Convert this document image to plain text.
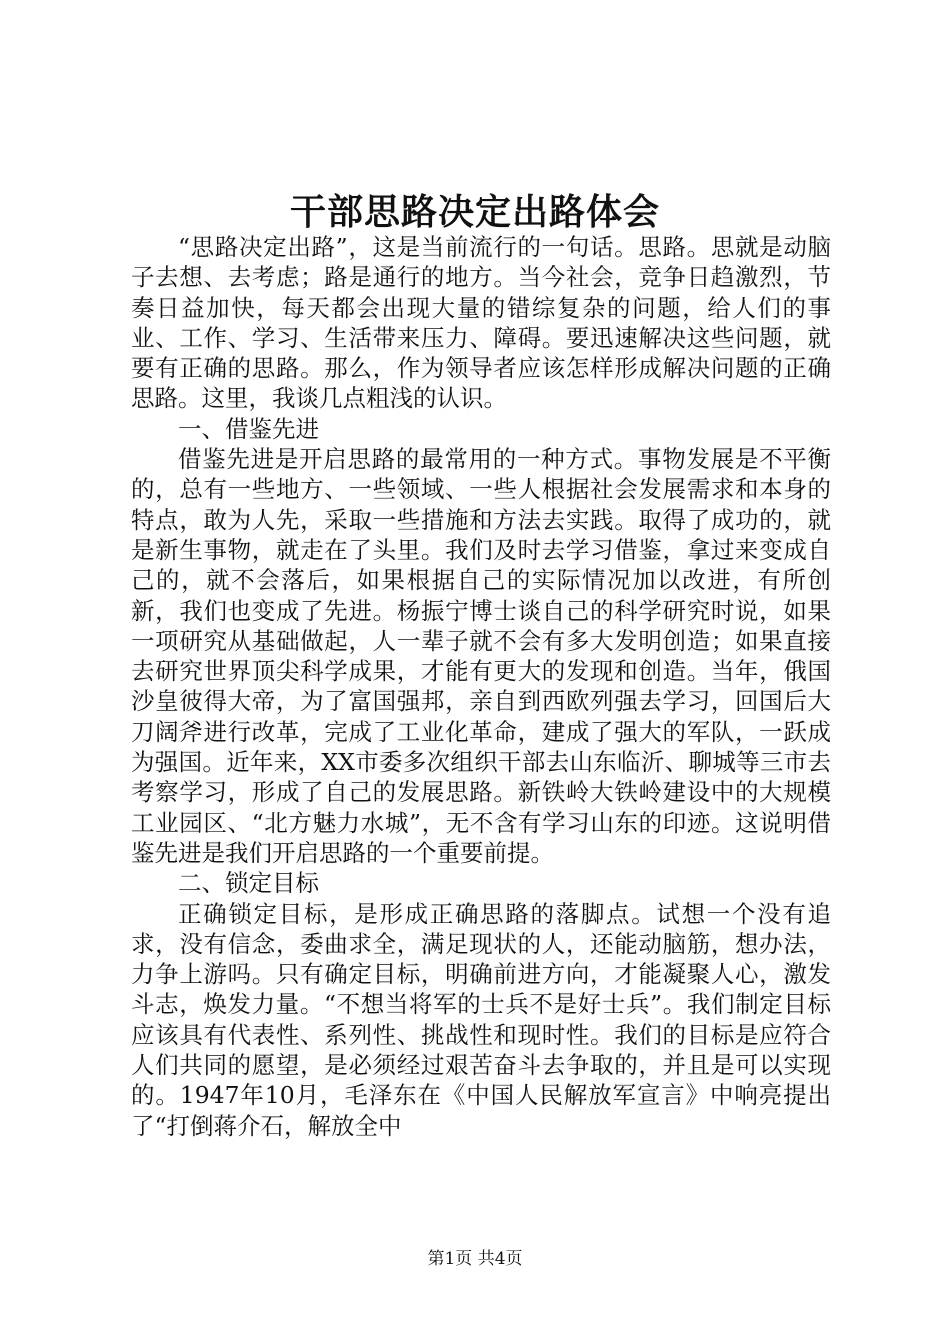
干部思路决定出路体会

“思路决定出路”，这是当前流行的一句话。思路。思就是动脑子去想、去考虑；路是通行的地方。当今社会，竞争日趋激烈，节奏日益加快，每天都会出现大量的错综复杂的问题，给人们的事业、工作、学习、生活带来压力、障碍。要迅速解决这些问题，就要有正确的思路。那么，作为领导者应该怎样形成解决问题的正确思路。这里，我谈几点粗浅的认识。

一、借鉴先进

借鉴先进是开启思路的最常用的一种方式。事物发展是不平衡的，总有一些地方、一些领域、一些人根据社会发展需求和本身的特点，敢为人先，采取一些措施和方法去实践。取得了成功的，就是新生事物，就走在了头里。我们及时去学习借鉴，拿过来变成自己的，就不会落后，如果根据自己的实际情况加以改进，有所创新，我们也变成了先进。杨振宁博士谈自己的科学研究时说，如果一项研究从基础做起，人一辈子就不会有多大发明创造；如果直接去研究世界顶尖科学成果，才能有更大的发现和创造。当年，俄国沙皇彼得大帝，为了富国强邦，亲自到西欧列强去学习，回国后大刀阔斧进行改革，完成了工业化革命，建成了强大的军队，一跃成为强国。近年来，XX市委多次组织干部去山东临沂、聊城等三市去考察学习，形成了自己的发展思路。新铁岭大铁岭建设中的大规模工业园区、“北方魅力水城”，无不含有学习山东的印迹。这说明借鉴先进是我们开启思路的一个重要前提。

二、锁定目标

正确锁定目标，是形成正确思路的落脚点。试想一个没有追求，没有信念，委曲求全，满足现状的人，还能动脑筋，想办法，力争上游吗。只有确定目标，明确前进方向，才能凝聚人心，激发斗志，焕发力量。“不想当将军的士兵不是好士兵”。我们制定目标应该具有代表性、系列性、挑战性和现时性。我们的目标是应符合人们共同的愿望，是必须经过艰苦奋斗去争取的，并且是可以实现的。1947年10月，毛泽东在《中国人民解放军宣言》中响亮提出了“打倒蒋介石，解放全中

第1页 共4页
